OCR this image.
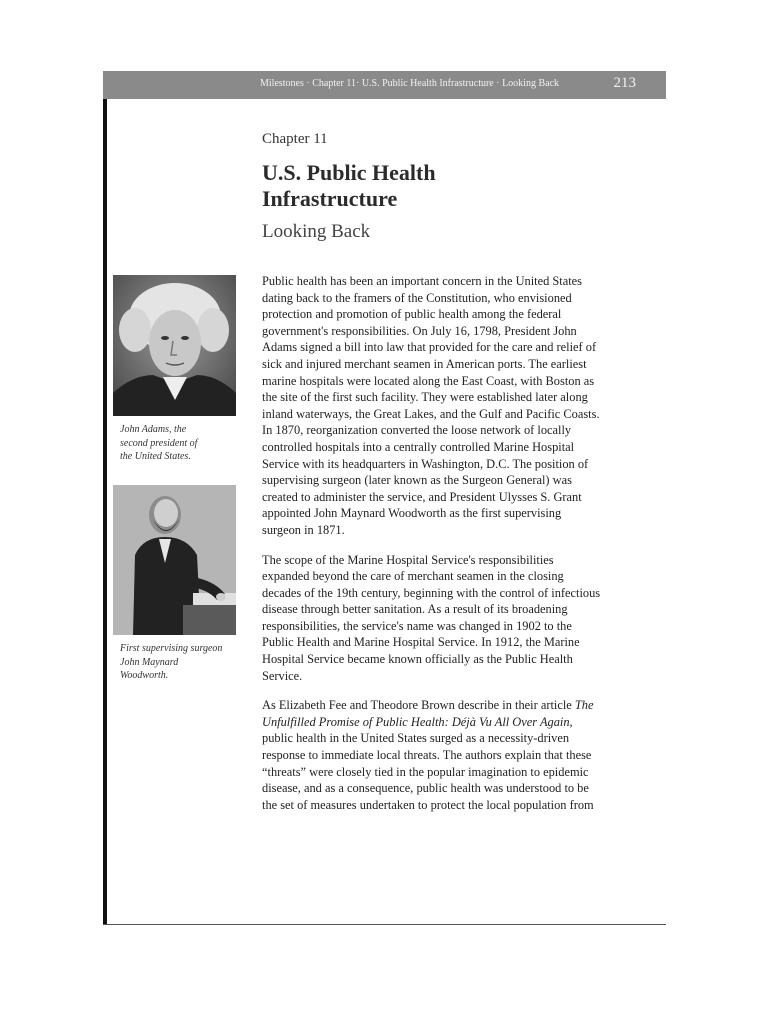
Milestones · Chapter 11· U.S. Public Health Infrastructure · Looking Back	213
Chapter 11
U.S. Public Health
Infrastructure
Looking Back
John Adams, the
second president of
the United States.
First supervising surgeon
John Maynard
Woodworth.

Public health has been an important concern in the United States dating back to the framers of the Constitution, who envisioned protection and promotion of public health among the federal government's responsibilities. On July 16, 1798, President John Adams signed a bill into law that provided for the care and relief of sick and injured merchant seamen in American ports. The earliest marine hospitals were located along the East Coast, with Boston as the site of the first such facility. They were established later along inland waterways, the Great Lakes, and the Gulf and Pacific Coasts. In 1870, reorganization converted the loose network of locally controlled hospitals into a centrally controlled Marine Hospital Service with its headquarters in Washington, D.C. The position of supervising surgeon (later known as the Surgeon General) was created to administer the service, and President Ulysses S. Grant appointed John Maynard Woodworth as the first supervising surgeon in 1871.

The scope of the Marine Hospital Service's responsibilities expanded beyond the care of merchant seamen in the closing decades of the 19th century, beginning with the control of infectious disease through better sanitation. As a result of its broadening responsibilities, the service's name was changed in 1902 to the Public Health and Marine Hospital Service. In 1912, the Marine Hospital Service became known officially as the Public Health Service.

As Elizabeth Fee and Theodore Brown describe in their article The Unfulfilled Promise of Public Health: Déjà Vu All Over Again, public health in the United States surged as a necessity-driven response to immediate local threats. The authors explain that these “threats” were closely tied in the popular imagination to epidemic disease, and as a consequence, public health was understood to be the set of measures undertaken to protect the local population from
